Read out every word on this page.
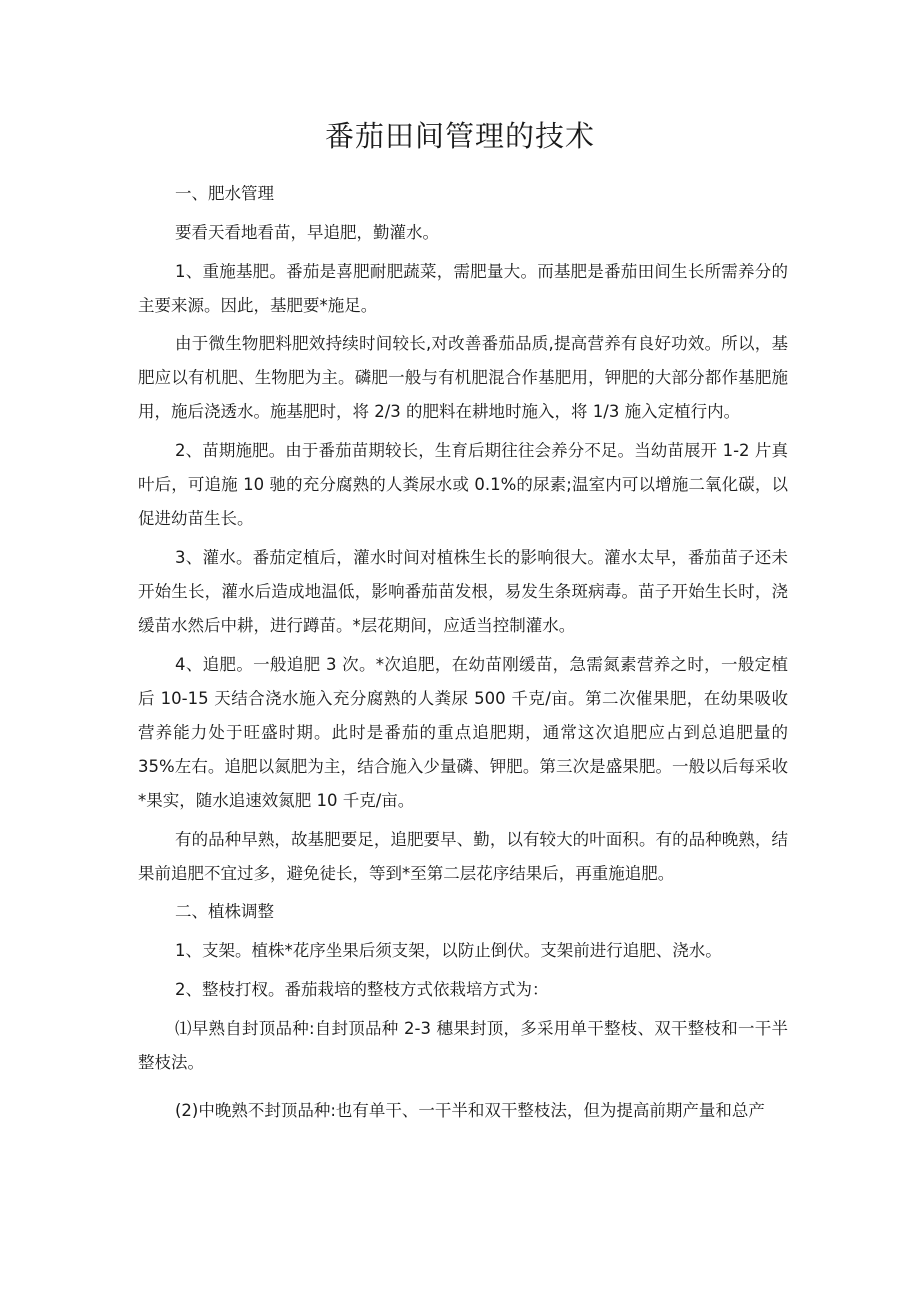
番茄田间管理的技术

一、肥水管理

要看天看地看苗，早追肥，勤灌水。

1、重施基肥。番茄是喜肥耐肥蔬菜，需肥量大。而基肥是番茄田间生长所需养分的主要来源。因此，基肥要*施足。

由于微生物肥料肥效持续时间较长,对改善番茄品质,提高营养有良好功效。所以，基肥应以有机肥、生物肥为主。磷肥一般与有机肥混合作基肥用，钾肥的大部分都作基肥施用，施后浇透水。施基肥时，将 2/3 的肥料在耕地时施入，将 1/3 施入定植行内。

2、苗期施肥。由于番茄苗期较长，生育后期往往会养分不足。当幼苗展开 1-2 片真叶后，可追施 10 驰的充分腐熟的人粪尿水或 0.1%的尿素;温室内可以增施二氧化碳，以促进幼苗生长。

3、灌水。番茄定植后，灌水时间对植株生长的影响很大。灌水太早，番茄苗子还未开始生长，灌水后造成地温低，影响番茄苗发根，易发生条斑病毒。苗子开始生长时，浇缓苗水然后中耕，进行蹲苗。*层花期间，应适当控制灌水。

4、追肥。一般追肥 3 次。*次追肥，在幼苗刚缓苗，急需氮素营养之时，一般定植后 10-15 天结合浇水施入充分腐熟的人粪尿 500 千克/亩。第二次催果肥，在幼果吸收营养能力处于旺盛时期。此时是番茄的重点追肥期，通常这次追肥应占到总追肥量的 35%左右。追肥以氮肥为主，结合施入少量磷、钾肥。第三次是盛果肥。一般以后每采收*果实，随水追速效氮肥 10 千克/亩。

有的品种早熟，故基肥要足，追肥要早、勤，以有较大的叶面积。有的品种晚熟，结果前追肥不宜过多，避免徒长，等到*至第二层花序结果后，再重施追肥。

二、植株调整

1、支架。植株*花序坐果后须支架，以防止倒伏。支架前进行追肥、浇水。

2、整枝打杈。番茄栽培的整枝方式依栽培方式为：

⑴早熟自封顶品种:自封顶品种 2-3 穗果封顶，多采用单干整枝、双干整枝和一干半整枝法。

(2)中晚熟不封顶品种:也有单干、一干半和双干整枝法，但为提高前期产量和总产
